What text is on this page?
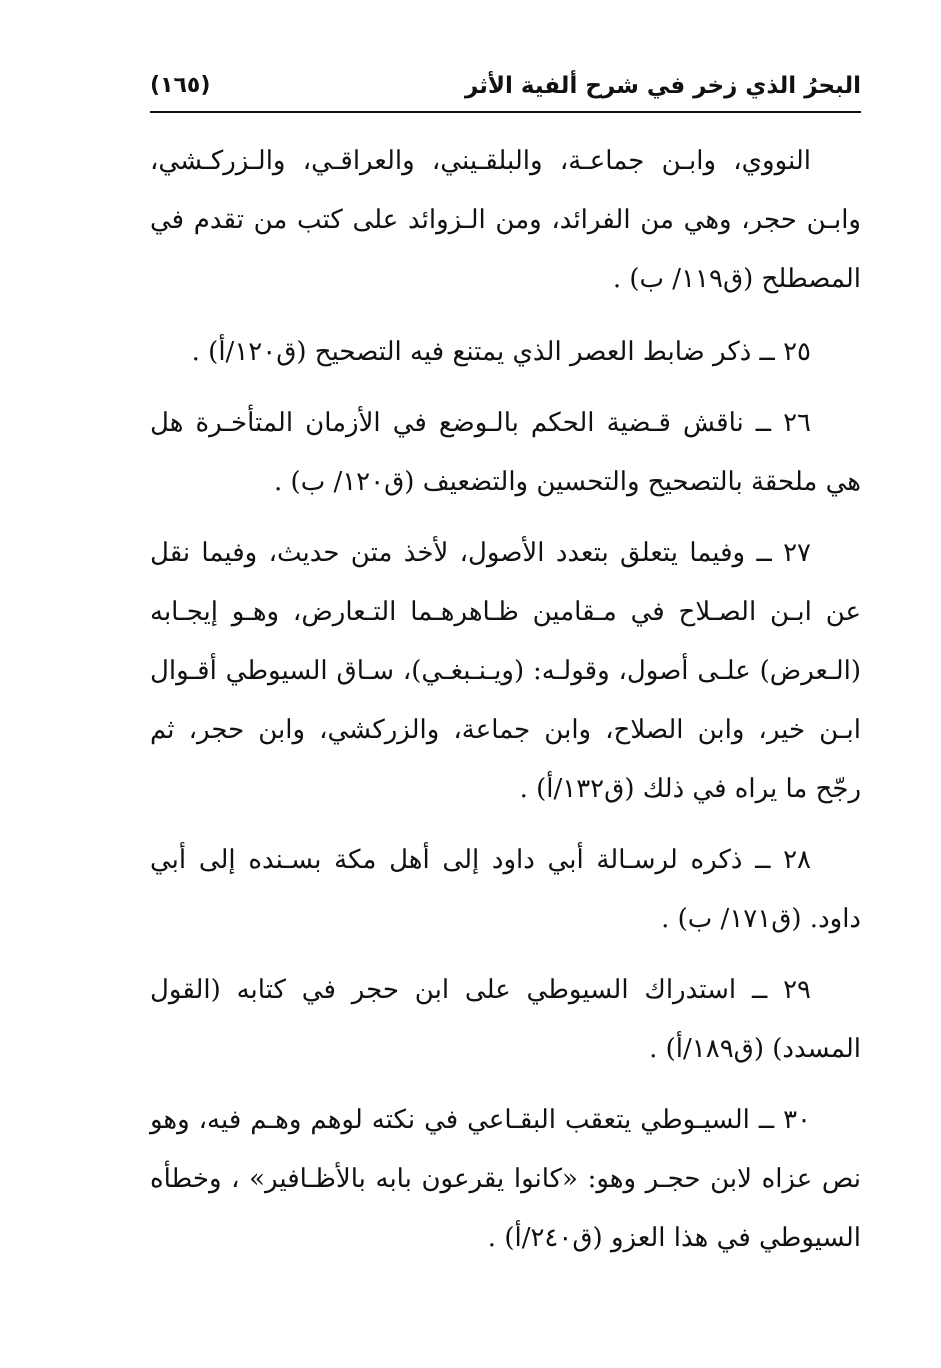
البحرُ الذي زخر في شرح ألفية الأثر
(١٦٥)

النووي، وابـن جماعـة، والبلقـيني، والعراقـي، والـزركـشي، وابـن حجر، وهي من الفرائد، ومن الـزوائد على كتب من تقدم في المصطلح (ق١١٩/ ب) .

٢٥ ــ ذكر ضابط العصر الذي يمتنع فيه التصحيح (ق١٢٠/أ) .

٢٦ ــ ناقش قـضية الحكم بالـوضع في الأزمان المتأخـرة هل هي ملحقة بالتصحيح والتحسين والتضعيف (ق١٢٠/ ب) .

٢٧ ــ وفيما يتعلق بتعدد الأصول، لأخذ متن حديث، وفيما نقل عن ابـن الصـلاح في مـقامين ظـاهرهـما التـعارض، وهـو إيجـابه (الـعرض) علـى أصول، وقولـه: (ويـنـبغـي)، سـاق السيوطي أقـوال ابـن خير، وابن الصلاح، وابن جماعة، والزركشي، وابن حجر، ثم رجّح ما يراه في ذلك (ق١٣٢/أ) .

٢٨ ــ ذكره لرسـالة أبي داود إلى أهل مكة بسـنده إلى أبي داود. (ق١٧١/ ب) .

٢٩ ــ استدراك السيوطي على ابن حجر في كتابه (القول المسدد) (ق١٨٩/أ) .

٣٠ ــ السيـوطي يتعقب البقـاعي في نكته لوهم وهـم فيه، وهو نص عزاه لابن حجـر وهو: «كانوا يقرعون بابه بالأظـافير» ، وخطأه السيوطي في هذا العزو (ق٢٤٠/أ) .
